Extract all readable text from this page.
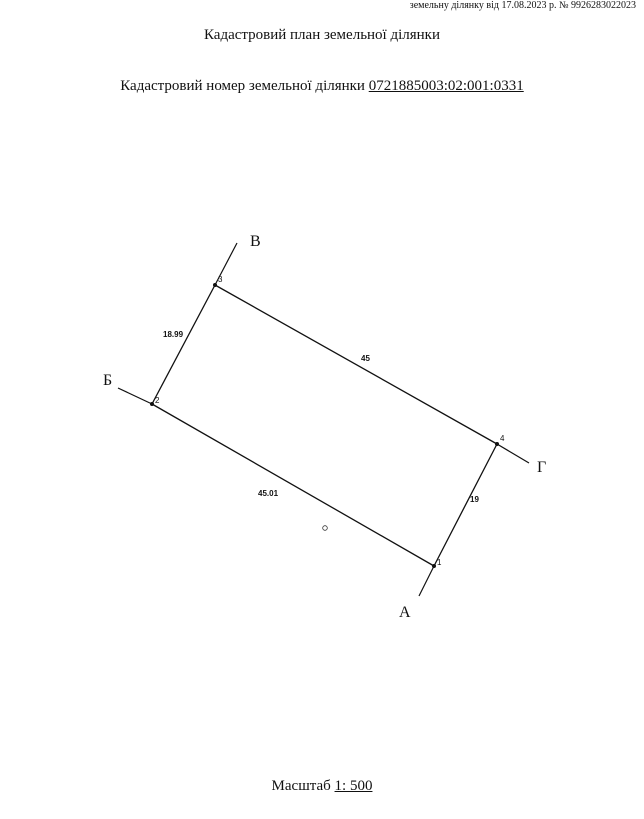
земельну ділянку від 17.08.2023 р. № 9926283022023
Кадастровий план земельної ділянки
Кадастровий номер земельної ділянки 0721885003:02:001:0331
1
2
3
4
18.99
45
45.01
19
В
Б
Г
А
Масштаб 1: 500
